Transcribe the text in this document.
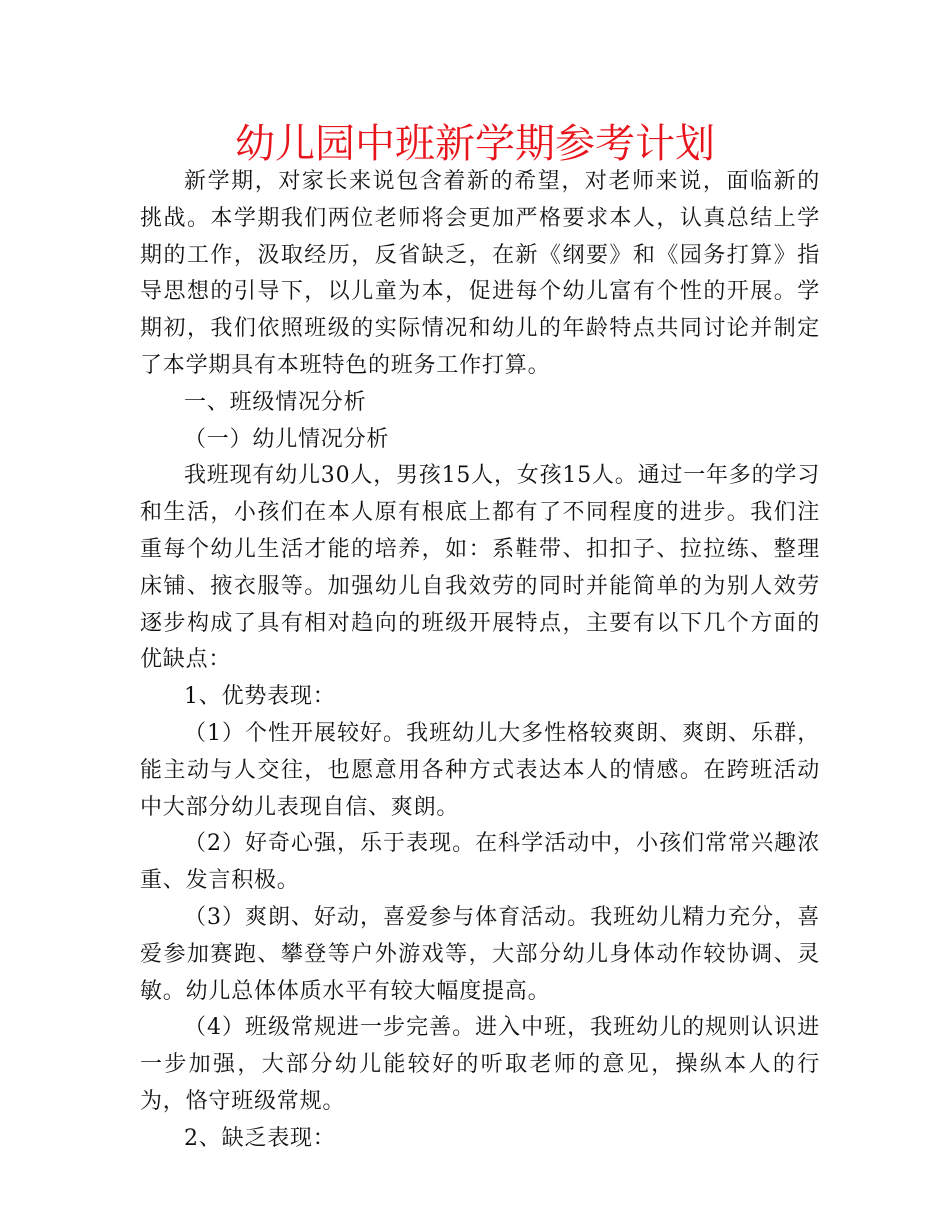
幼儿园中班新学期参考计划

新学期，对家长来说包含着新的希望，对老师来说，面临新的挑战。本学期我们两位老师将会更加严格要求本人，认真总结上学期的工作，汲取经历，反省缺乏，在新《纲要》和《园务打算》指导思想的引导下，以儿童为本，促进每个幼儿富有个性的开展。学期初，我们依照班级的实际情况和幼儿的年龄特点共同讨论并制定了本学期具有本班特色的班务工作打算。

一、班级情况分析

（一）幼儿情况分析

我班现有幼儿30人，男孩15人，女孩15人。通过一年多的学习和生活，小孩们在本人原有根底上都有了不同程度的进步。我们注重每个幼儿生活才能的培养，如：系鞋带、扣扣子、拉拉练、整理床铺、掖衣服等。加强幼儿自我效劳的同时并能简单的为别人效劳逐步构成了具有相对趋向的班级开展特点，主要有以下几个方面的优缺点：

1、优势表现：

（1）个性开展较好。我班幼儿大多性格较爽朗、爽朗、乐群，能主动与人交往，也愿意用各种方式表达本人的情感。在跨班活动中大部分幼儿表现自信、爽朗。

（2）好奇心强，乐于表现。在科学活动中，小孩们常常兴趣浓重、发言积极。

（3）爽朗、好动，喜爱参与体育活动。我班幼儿精力充分，喜爱参加赛跑、攀登等户外游戏等，大部分幼儿身体动作较协调、灵敏。幼儿总体体质水平有较大幅度提高。

（4）班级常规进一步完善。进入中班，我班幼儿的规则认识进一步加强，大部分幼儿能较好的听取老师的意见，操纵本人的行为，恪守班级常规。

2、缺乏表现：
